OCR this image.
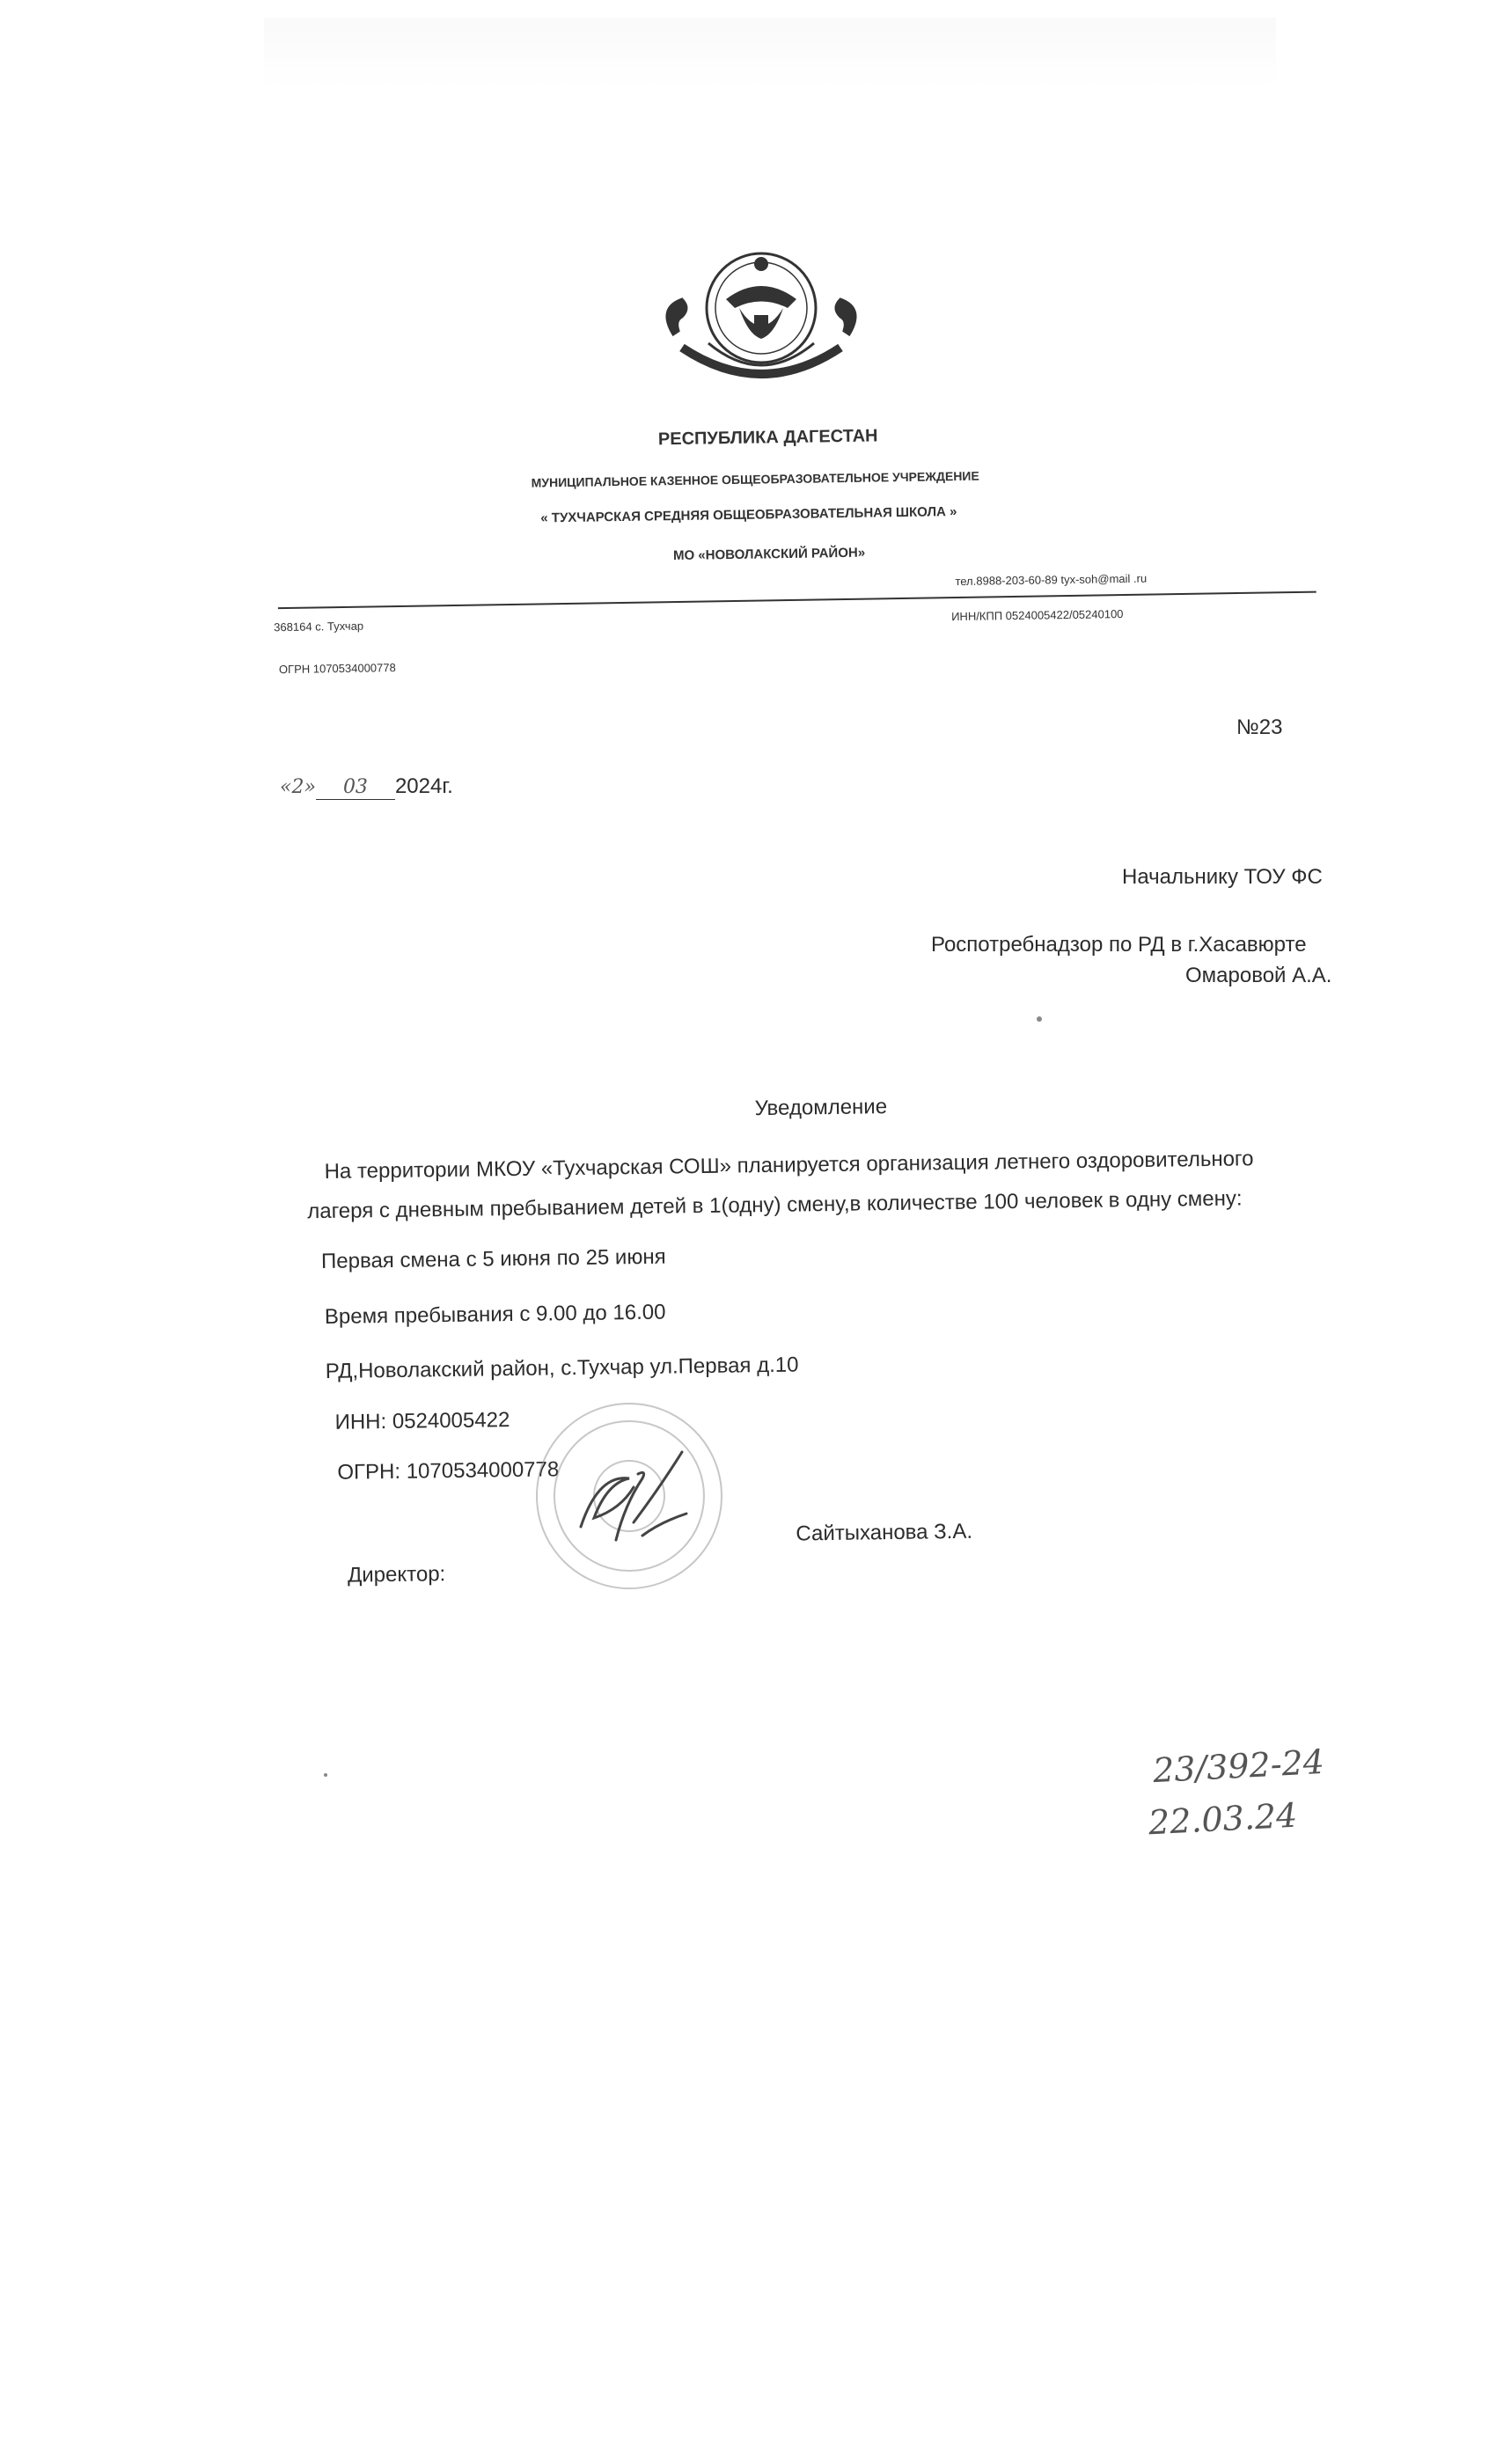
РЕСПУБЛИКА ДАГЕСТАН
МУНИЦИПАЛЬНОЕ КАЗЕННОЕ ОБЩЕОБРАЗОВАТЕЛЬНОЕ УЧРЕЖДЕНИЕ
« ТУХЧАРСКАЯ СРЕДНЯЯ ОБЩЕОБРАЗОВАТЕЛЬНАЯ ШКОЛА »
МО «НОВОЛАКСКИЙ РАЙОН»
тел.8988-203-60-89 tyx-soh@mail .ru
368164 с. Тухчар
ИНН/КПП 0524005422/05240100
ОГРН 1070534000778
№23
«2» 03 2024г.
Начальнику ТОУ ФС
Роспотребнадзор по РД в г.Хасавюрте
Омаровой А.А.
Уведомление
На территории МКОУ «Тухчарская СОШ» планируется организация летнего оздоровительного
лагеря с дневным пребыванием детей в 1(одну) смену,в количестве 100 человек в одну смену:
Первая смена с 5 июня по 25 июня
Время пребывания с 9.00 до 16.00
РД,Новолакский район, с.Тухчар ул.Первая д.10
ИНН: 0524005422
ОГРН: 1070534000778
Сайтыханова З.А.
Директор:
23/392-24
22.03.24
